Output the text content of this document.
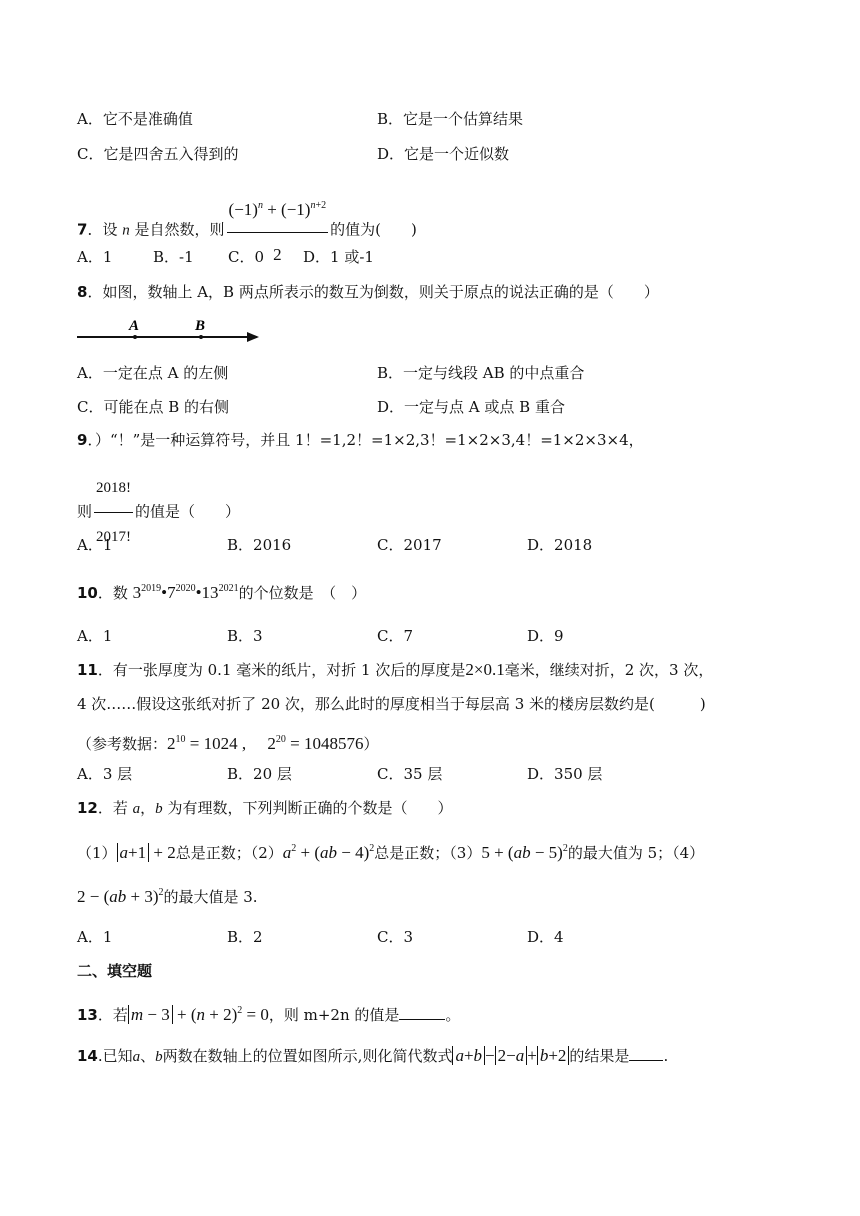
A．它不是准确值	B．它是一个估算结果
C．它是四舍五入得到的	D．它是一个近似数
7．设 n 是自然数，则 $\frac{(-1)^n + (-1)^{n+2}}{2}$ 的值为(　　)
A．1	B．-1 C．0	D．1 或-1
8．如图，数轴上 A，B 两点所表示的数互为倒数，则关于原点的说法正确的是（　　）
A	B
A．一定在点 A 的左侧	B．一定与线段 AB 的中点重合
C．可能在点 B 的右侧	D．一定与点 A 或点 B 重合
9．）“！”是一种运算符号，并且 1！=1,2！=1×2,3！=1×2×3,4！=1×2×3×4，
则 $\frac{2018!}{2017!}$ 的值是（　　）
A．1	B．2016	C．2017	D．2018
10．数 $3^{2019}•7^{2020}•13^{2021}$的个位数是　（　）
A．1	B．3	C．7	D．9
11．有一张厚度为 0.1 毫米的纸片，对折 1 次后的厚度是2×0.1毫米，继续对折，2 次，3 次，
4 次……假设这张纸对折了 20 次，那么此时的厚度相当于每层高 3 米的楼房层数约是(　　　)
（参考数据：$2^{10} = 1024$ ,　 $2^{20} = 1048576$）
A．3 层	B．20 层	C．35 层	D．350 层
12．若 a，b 为有理数，下列判断正确的个数是（　　）
（1） a+1 + 2总是正数；$(2)a^2 + (ab - 4)^2$总是正数；（3）5 + (ab − 5)$^2$的最大值为 5；（4）
2 − (ab + 3)$^2$的最大值是 3.
A．1	B．2	C．3	D．4
二、填空题
13．若 $m - 3 + (n + 2)^2 = 0$，则 m+2n 的值是	。
14.已知a、b两数在数轴上的位置如图所示,则化简代数式 a+b − 2−a + b+2 的结果是 .
